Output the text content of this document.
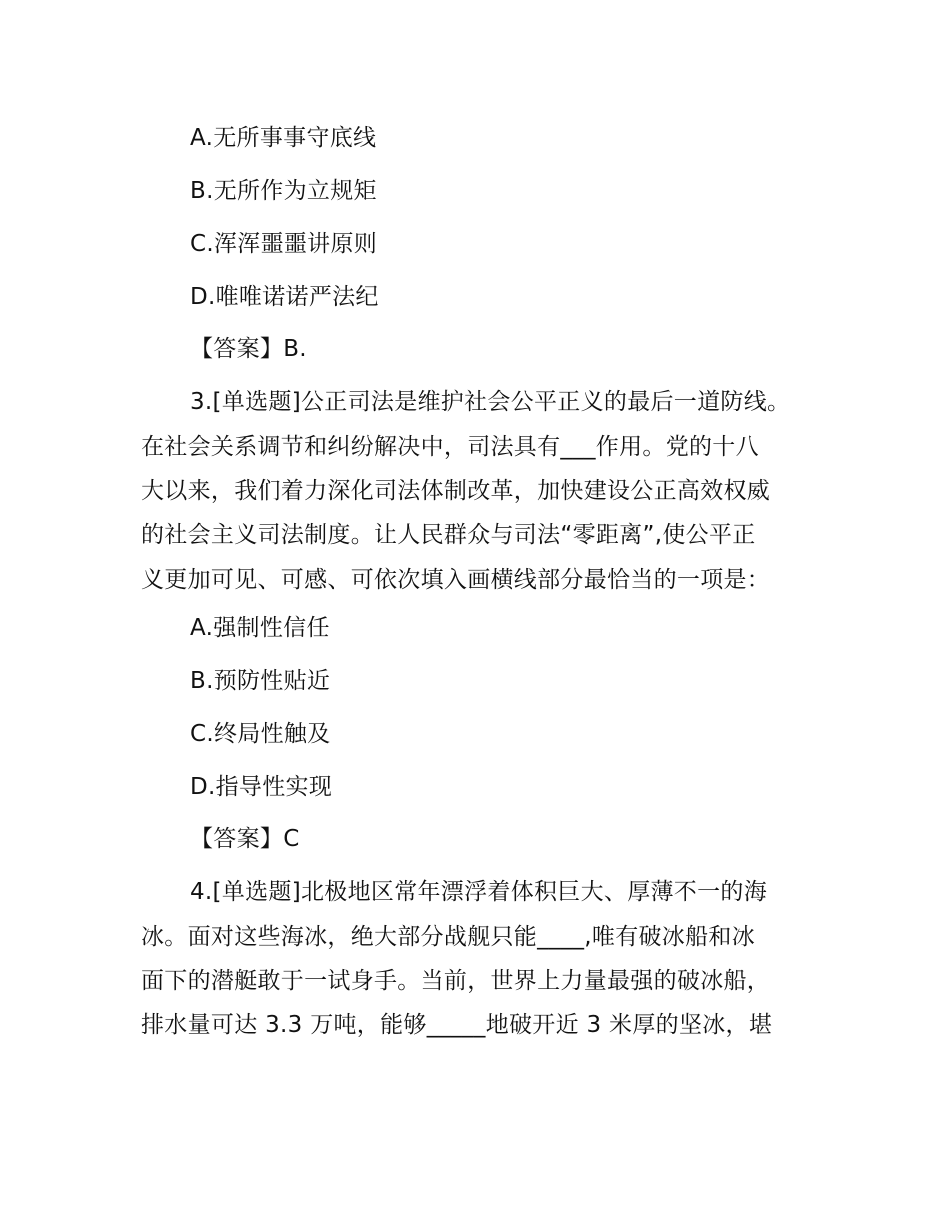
A.无所事事守底线
B.无所作为立规矩
C.浑浑噩噩讲原则
D.唯唯诺诺严法纪
【答案】B.
3.[单选题]公正司法是维护社会公平正义的最后一道防线。
在社会关系调节和纠纷解决中，司法具有___作用。党的十八
大以来，我们着力深化司法体制改革，加快建设公正高效权威
的社会主义司法制度。让人民群众与司法“零距离”,使公平正
义更加可见、可感、可依次填入画横线部分最恰当的一项是：
A.强制性信任
B.预防性贴近
C.终局性触及
D.指导性实现
【答案】C
4.[单选题]北极地区常年漂浮着体积巨大、厚薄不一的海
冰。面对这些海冰，绝大部分战舰只能____,唯有破冰船和冰
面下的潜艇敢于一试身手。当前，世界上力量最强的破冰船，
排水量可达 3.3 万吨，能够_____地破开近 3 米厚的坚冰，堪
